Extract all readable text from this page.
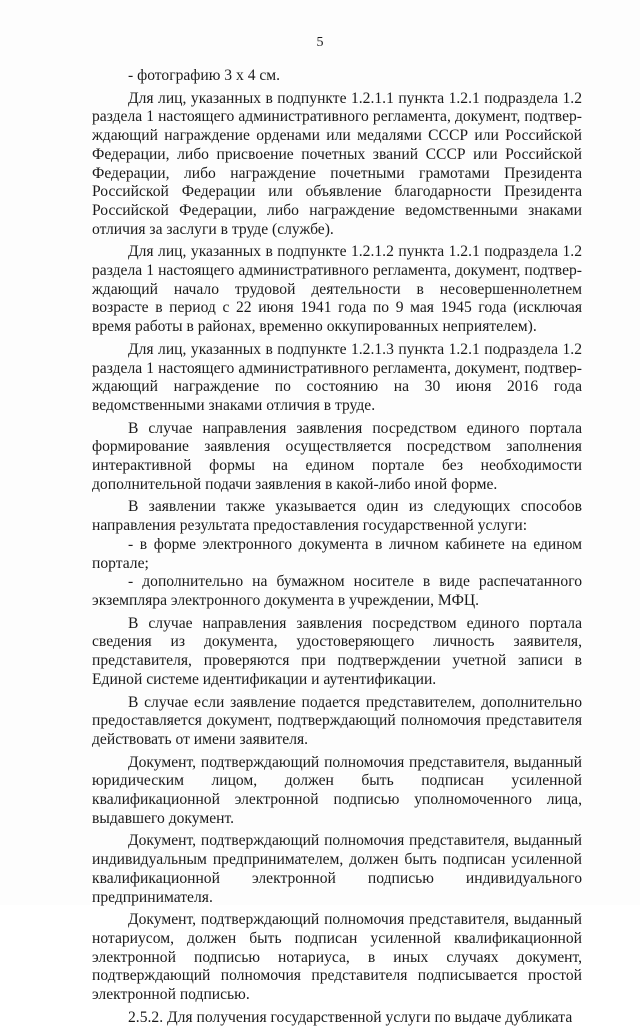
5

- фотографию 3 х 4 см.

Для лиц, указанных в подпункте 1.2.1.1 пункта 1.2.1 подраздела 1.2 раздела 1 настоящего административного регламента, документ, подтверждающий награждение орденами или медалями СССР или Российской Федерации, либо присвоение почетных званий СССР или Российской Федерации, либо награждение почетными грамотами Президента Российской Федерации или объявление благодарности Президента Российской Федерации, либо награждение ведомственными знаками отличия за заслуги в труде (службе).

Для лиц, указанных в подпункте 1.2.1.2 пункта 1.2.1 подраздела 1.2 раздела 1 настоящего административного регламента, документ, подтверждающий начало трудовой деятельности в несовершеннолетнем возрасте в период с 22 июня 1941 года по 9 мая 1945 года (исключая время работы в районах, временно оккупированных неприятелем).

Для лиц, указанных в подпункте 1.2.1.3 пункта 1.2.1 подраздела 1.2 раздела 1 настоящего административного регламента, документ, подтверждающий награждение по состоянию на 30 июня 2016 года ведомственными знаками отличия в труде.

В случае направления заявления посредством единого портала формирование заявления осуществляется посредством заполнения интерактивной формы на едином портале без необходимости дополнительной подачи заявления в какой-либо иной форме.

В заявлении также указывается один из следующих способов направления результата предоставления государственной услуги:

- в форме электронного документа в личном кабинете на едином портале;

- дополнительно на бумажном носителе в виде распечатанного экземпляра электронного документа в учреждении, МФЦ.

В случае направления заявления посредством единого портала сведения из документа, удостоверяющего личность заявителя, представителя, проверяются при подтверждении учетной записи в Единой системе идентификации и аутентификации.

В случае если заявление подается представителем, дополнительно предоставляется документ, подтверждающий полномочия представителя действовать от имени заявителя.

Документ, подтверждающий полномочия представителя, выданный юридическим лицом, должен быть подписан усиленной квалификационной электронной подписью уполномоченного лица, выдавшего документ.

Документ, подтверждающий полномочия представителя, выданный индивидуальным предпринимателем, должен быть подписан усиленной квалификационной электронной подписью индивидуального предпринимателя.

Документ, подтверждающий полномочия представителя, выданный нотариусом, должен быть подписан усиленной квалификационной электронной подписью нотариуса, в иных случаях документ, подтверждающий полномочия представителя подписывается простой электронной подписью.

2.5.2. Для получения государственной услуги по выдаче дубликата
